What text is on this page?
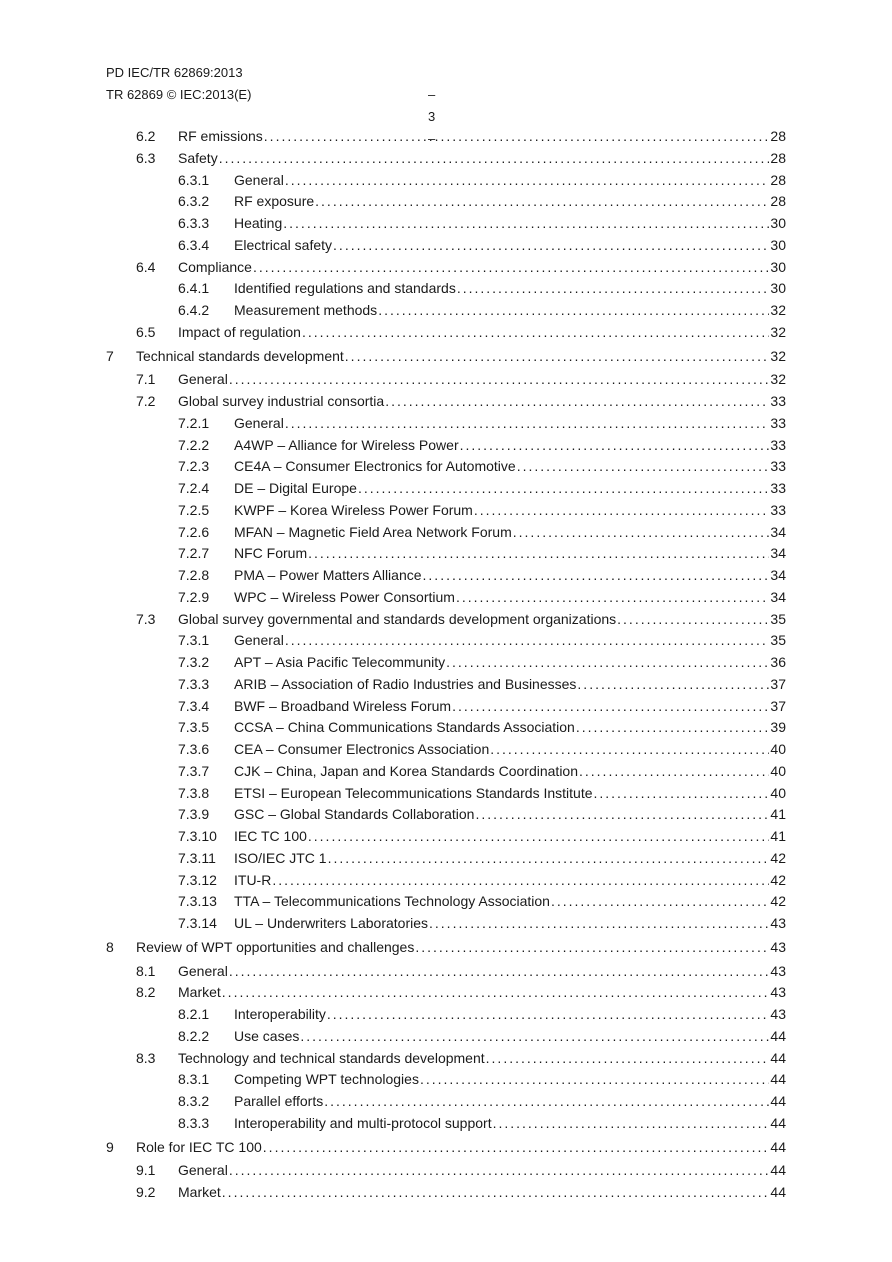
PD IEC/TR 62869:2013
TR 62869 © IEC:2013(E)	– 3 –
6.2 RF emissions .....	28
6.3 Safety .....	28
6.3.1 General .....	28
6.3.2 RF exposure .....	28
6.3.3 Heating .....	30
6.3.4 Electrical safety .....	30
6.4 Compliance .....	30
6.4.1 Identified regulations and standards .....	30
6.4.2 Measurement methods .....	32
6.5 Impact of regulation .....	32
7 Technical standards development .....	32
7.1 General .....	32
7.2 Global survey industrial consortia .....	33
7.2.1 General .....	33
7.2.2 A4WP – Alliance for Wireless Power .....	33
7.2.3 CE4A – Consumer Electronics for Automotive .....	33
7.2.4 DE – Digital Europe .....	33
7.2.5 KWPF – Korea Wireless Power Forum .....	33
7.2.6 MFAN – Magnetic Field Area Network Forum .....	34
7.2.7 NFC Forum .....	34
7.2.8 PMA – Power Matters Alliance .....	34
7.2.9 WPC – Wireless Power Consortium .....	34
7.3 Global survey governmental and standards development organizations .....	35
7.3.1 General .....	35
7.3.2 APT – Asia Pacific Telecommunity .....	36
7.3.3 ARIB – Association of Radio Industries and Businesses .....	37
7.3.4 BWF – Broadband Wireless Forum .....	37
7.3.5 CCSA – China Communications Standards Association .....	39
7.3.6 CEA – Consumer Electronics Association .....	40
7.3.7 CJK – China, Japan and Korea Standards Coordination .....	40
7.3.8 ETSI – European Telecommunications Standards Institute .....	40
7.3.9 GSC – Global Standards Collaboration .....	41
7.3.10 IEC TC 100 .....	41
7.3.11 ISO/IEC JTC 1 .....	42
7.3.12 ITU-R .....	42
7.3.13 TTA – Telecommunications Technology Association .....	42
7.3.14 UL – Underwriters Laboratories .....	43
8 Review of WPT opportunities and challenges .....	43
8.1 General .....	43
8.2 Market .....	43
8.2.1 Interoperability .....	43
8.2.2 Use cases .....	44
8.3 Technology and technical standards development .....	44
8.3.1 Competing WPT technologies .....	44
8.3.2 Parallel efforts .....	44
8.3.3 Interoperability and multi-protocol support .....	44
9 Role for IEC TC 100 .....	44
9.1 General .....	44
9.2 Market .....	44
